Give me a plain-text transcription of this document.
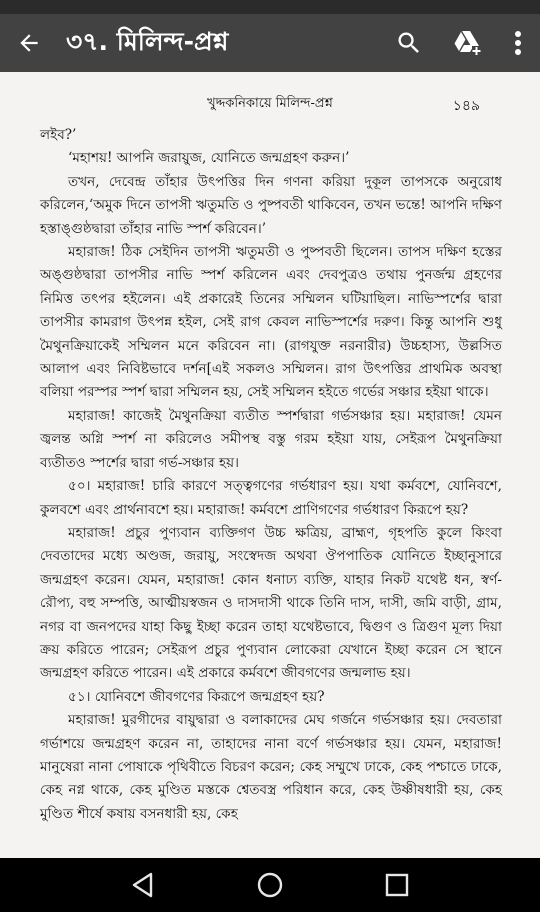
৩৭. মিলিন্দ-প্রশ্ন
খুদ্দকনিকায়ে মিলিন্দ-প্রশ্ন	১৪৯

লইব?’

‘মহাশয়! আপনি জরায়ুজ, যোনিতে জন্মগ্রহণ করুন।’

তখন, দেবেন্দ্র তাঁহার উৎপত্তির দিন গণনা করিয়া দুকূল তাপসকে অনুরোধ করিলেন,‘অমুক দিনে তাপসী ঋতুমতি ও পুষ্পবতী থাকিবেন, তখন ভন্তে! আপনি দক্ষিণ হস্তাঙ্গুষ্ঠদ্বারা তাঁহার নাভি স্পর্শ করিবেন।’

মহারাজ! ঠিক সেইদিন তাপসী ঋতুমতী ও পুষ্পবতী ছিলেন। তাপস দক্ষিণ হস্তের অঙ্গুষ্ঠদ্বারা তাপসীর নাভি স্পর্শ করিলেন এবং দেবপুত্রও তথায় পুনর্জন্ম গ্রহণের নিমিত্ত তৎপর হইলেন। এই প্রকারেই তিনের সম্মিলন ঘটিয়াছিল। নাভিস্পর্শের দ্বারা তাপসীর কামরাগ উৎপন্ন হইল, সেই রাগ কেবল নাভিস্পর্শের দরুণ। কিন্তু আপনি শুধু মৈথুনক্রিয়াকেই সম্মিলন মনে করিবেন না। (রাগযুক্ত নরনারীর) উচ্চহাস্য, উল্লসিত আলাপ এবং নিবিষ্টভাবে দর্শন[এই সকলও সম্মিলন। রাগ উৎপত্তির প্রাথমিক অবস্থা বলিয়া পরস্পর স্পর্শ দ্বারা সম্মিলন হয়, সেই সম্মিলন হইতে গর্ভের সঞ্চার হইয়া থাকে।

মহারাজ! কাজেই মৈথুনক্রিয়া ব্যতীত স্পর্শদ্বারা গর্ভসঞ্চার হয়। মহারাজ! যেমন জ্বলন্ত অগ্নি স্পর্শ না করিলেও সমীপস্থ বস্তু গরম হইয়া যায়, সেইরূপ মৈথুনক্রিয়া ব্যতীতও স্পর্শের দ্বারা গর্ভ-সঞ্চার হয়।

৫০। মহারাজ! চারি কারণে সত্ত্বগণের গর্ভধারণ হয়। যথা কর্মবশে, যোনিবশে, কুলবশে এবং প্রার্থনাবশে হয়। মহারাজ! কর্মবশে প্রাণিগণের গর্ভধারণ কিরূপে হয়?

মহারাজ! প্রচুর পুণ্যবান ব্যক্তিগণ উচ্চ ক্ষত্রিয়, ব্রাহ্মণ, গৃহপতি কুলে কিংবা দেবতাদের মধ্যে অণ্ডজ, জরায়ু, সংস্বেদজ অথবা ঔপপাতিক যোনিতে ইচ্ছানুসারে জন্মগ্রহণ করেন। যেমন, মহারাজ! কোন ধনাঢ্য ব্যক্তি, যাহার নিকট যথেষ্ট ধন, স্বর্ণ-রৌপ্য, বহু সম্পত্তি, আত্মীয়স্বজন ও দাসদাসী থাকে তিনি দাস, দাসী, জমি বাড়ী, গ্রাম, নগর বা জনপদের যাহা কিছু ইচ্ছা করেন তাহা যথেষ্টভাবে, দ্বিগুণ ও ত্রিগুণ মূল্য দিয়া ক্রয় করিতে পারেন; সেইরূপ প্রচুর পুণ্যবান লোকেরা যেখানে ইচ্ছা করেন সে স্থানে জন্মগ্রহণ করিতে পারেন। এই প্রকারে কর্মবশে জীবগণের জন্মলাভ হয়।

৫১। যোনিবশে জীবগণের কিরূপে জন্মগ্রহণ হয়?

মহারাজ! মুরগীদের বায়ুদ্বারা ও বলাকাদের মেঘ গর্জনে গর্ভসঞ্চার হয়। দেবতারা গর্ভাশয়ে জন্মগ্রহণ করেন না, তাহাদের নানা বর্ণে গর্ভসঞ্চার হয়। যেমন, মহারাজ! মানুষেরা নানা পোষাকে পৃথিবীতে বিচরণ করেন; কেহ সম্মুখে ঢাকে, কেহ পশ্চাতে ঢাকে, কেহ নগ্ন থাকে, কেহ মুণ্ডিত মস্তকে শ্বেতবস্ত্র পরিধান করে, কেহ উষ্ণীষধারী হয়, কেহ মুণ্ডিত শীর্ষে কষায় বসনধারী হয়, কেহ
